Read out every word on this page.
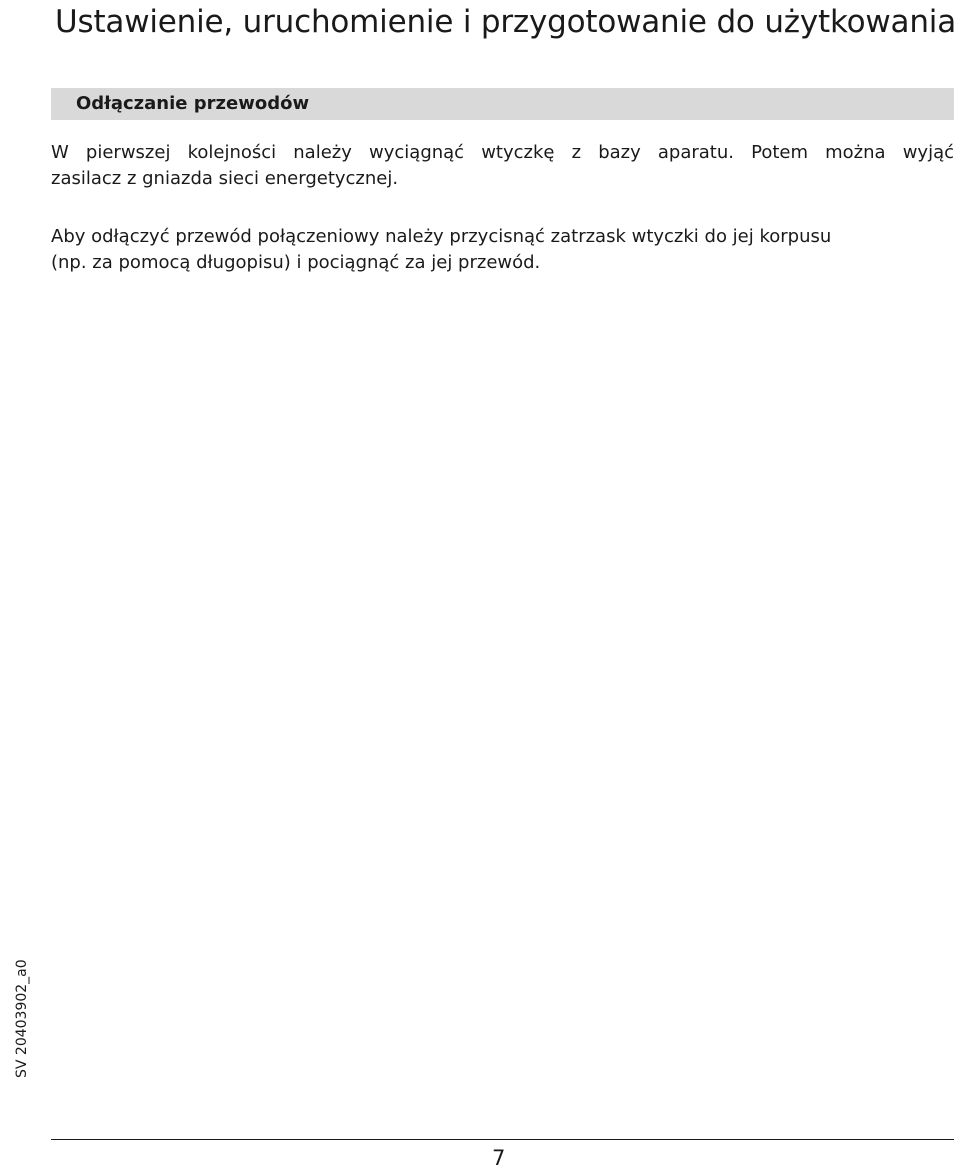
Ustawienie, uruchomienie i przygotowanie do użytkowania
Odłączanie przewodów

W pierwszej kolejności należy wyciągnąć wtyczkę z bazy aparatu. Potem można wyjąć
zasilacz z gniazda sieci energetycznej.

Aby odłączyć przewód połączeniowy należy przycisnąć zatrzask wtyczki do jej korpusu
(np. za pomocą długopisu) i pociągnąć za jej przewód.

SV 20403902_a0
7
